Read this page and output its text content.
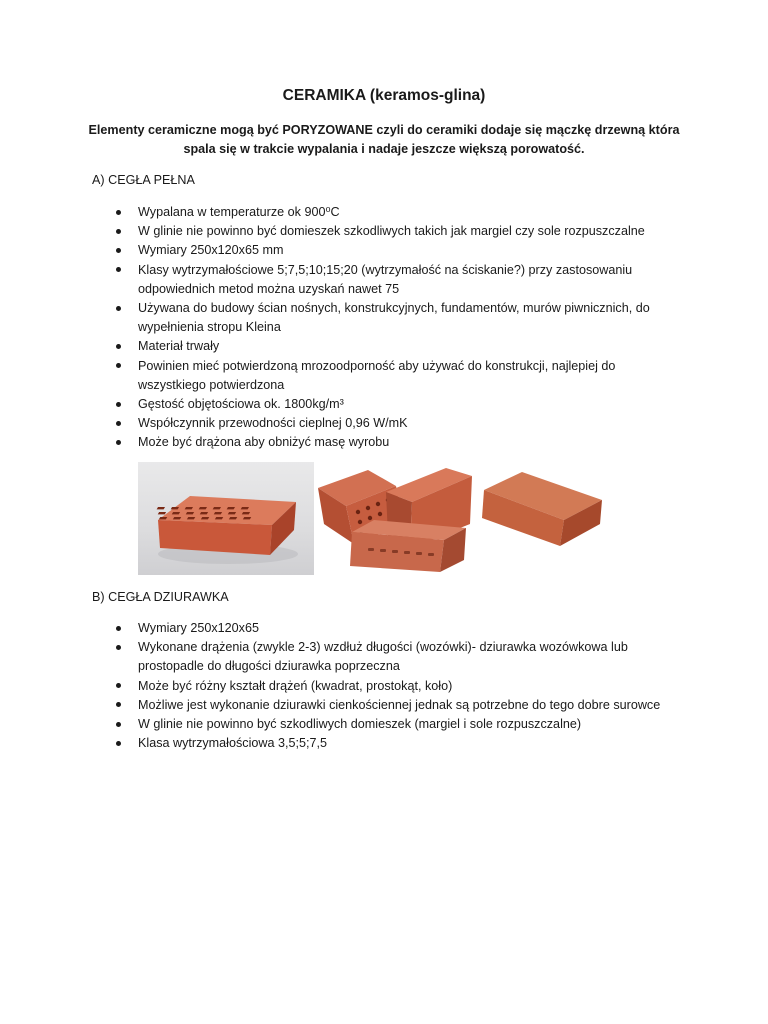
CERAMIKA (keramos-glina)
Elementy ceramiczne mogą być PORYZOWANE czyli do ceramiki dodaje się mączkę drzewną która spala się w trakcie wypalania i nadaje jeszcze większą porowatość.
A) CEGŁA PEŁNA
Wypalana w temperaturze ok 900⁰C
W glinie nie powinno być domieszek szkodliwych takich jak margiel czy sole rozpuszczalne
Wymiary 250x120x65 mm
Klasy wytrzymałościowe 5;7,5;10;15;20 (wytrzymałość na ściskanie?) przy zastosowaniu odpowiednich metod można uzyskań nawet 75
Używana do budowy ścian nośnych, konstrukcyjnych, fundamentów, murów piwnicznich, do wypełnienia stropu Kleina
Materiał trwały
Powinien mieć potwierdzoną mrozoodporność aby używać do konstrukcji, najlepiej do wszystkiego potwierdzona
Gęstość objętościowa ok. 1800kg/m³
Współczynnik przewodności cieplnej 0,96 W/mK
Może być drążona aby obniżyć masę wyrobu
B) CEGŁA DZIURAWKA
Wymiary 250x120x65
Wykonane drążenia (zwykle 2-3) wzdłuż długości (wozówki)- dziurawka wozówkowa lub prostopadle do długości dziurawka poprzeczna
Może być różny kształt drążeń (kwadrat, prostokąt, koło)
Możliwe jest wykonanie dziurawki cienkościennej jednak są potrzebne do tego dobre surowce
W glinie nie powinno być szkodliwych domieszek (margiel i sole rozpuszczalne)
Klasa wytrzymałościowa 3,5;5;7,5
